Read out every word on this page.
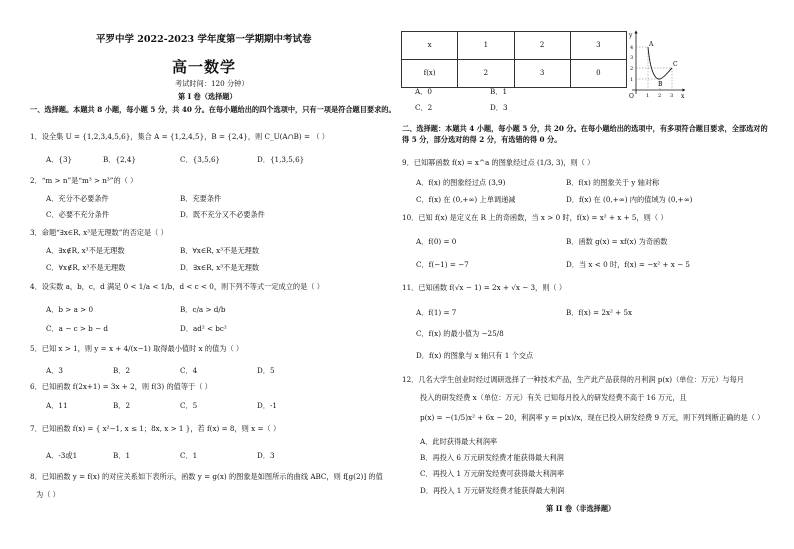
平罗中学 2022-2023 学年度第一学期期中考试卷
高一数学
考试时间：120 分钟）
第 I 卷（选择题）
一、选择题。本题共 8 小题，每小题 5 分，共 40 分。在每小题给出的四个选项中，只有一项是符合题目要求的。
1．设全集 U = {1,2,3,4,5,6}，集合 A = {1,2,4,5}，B = {2,4}，则 C_U(A∩B) = （ ）
A．{3}	B．{2,4}	C．{3,5,6}	D．{1,3,5,6}
2．“m > n”是“m³ > n³”的（ ）
A．充分不必要条件	B．充要条件
C．必要不充分条件	D．既不充分又不必要条件
3．命题“∃x∈R, x³是无理数”的否定是（ ）
A．∃x∉R, x³不是无理数	B．∀x∈R, x³不是无理数
C．∀x∉R, x³不是无理数	D．∃x∈R, x³不是无理数
4．设实数 a，b，c，d 满足 0 < 1/a < 1/b，d < c < 0，则下列不等式一定成立的是（ ）
A．b > a > 0	B．c/a > d/b
C．a − c > b − d	D．ad² < bc²
5．已知 x > 1，则 y = x + 4/(x−1) 取得最小值时 x 的值为（ ）
A．3	B．2	C．4	D．5
6．已知函数 f(2x+1) = 3x + 2，则 f(3) 的值等于（ ）
A．11	B．2	C．5	D．-1
7．已知函数 f(x) = { x²−1, x ≤ 1；8x, x > 1 }，若 f(x) = 8，则 x =（ ）
A．-3或1	B．1	C．1	D．3
8．已知函数 y = f(x) 的对应关系如下表所示，函数 y = g(x) 的图象是如图所示的曲线 ABC，则 f[g(2)] 的值
为（ ）
x	1	2	3
f(x)	2	3	0
y
x
O
A
B
C
4
3
2
1
1 2 3
A．0	B．1
C．2	D．3
二、选择题：本题共 4 小题，每小题 5 分，共 20 分。在每小题给出的选项中，有多项符合题目要求，全部选对的得 5 分，部分选对的得 2 分，有选错的得 0 分。
9．已知幂函数 f(x) = x^a 的图象经过点 (1/3, 3)，则（ ）
A．f(x) 的图象经过点 (3,9)	B．f(x) 的图象关于 y 轴对称
C．f(x) 在 (0,+∞) 上单调递减	D．f(x) 在 (0,+∞) 内的值域为 (0,+∞)
10．已知 f(x) 是定义在 R 上的奇函数，当 x > 0 时，f(x) = x² + x + 5，则（ ）
A．f(0) = 0	B．函数 g(x) = xf(x) 为奇函数
C．f(−1) = −7	D．当 x < 0 时，f(x) = −x² + x − 5
11．已知函数 f(√x − 1) = 2x + √x − 3，则（ ）
A．f(1) = 7	B．f(x) = 2x² + 5x
C．f(x) 的最小值为 −25/8
D．f(x) 的图象与 x 轴只有 1 个交点
12．几名大学生创业时经过调研选择了一种技术产品，生产此产品获得的月利润 p(x)（单位：万元）与每月
投入的研发经费 x（单位：万元）有关 已知每月投入的研发经费不高于 16 万元，且
p(x) = −(1/5)x² + 6x − 20，利润率 y = p(x)/x，现在已投入研发经费 9 万元，则下列判断正确的是（ ）
A．此时获得最大利润率
B．再投入 6 万元研发经费才能获得最大利润
C．再投入 1 万元研发经费可获得最大利润率
D．再投入 1 万元研发经费才能获得最大利润
第 II 卷（非选择题）
